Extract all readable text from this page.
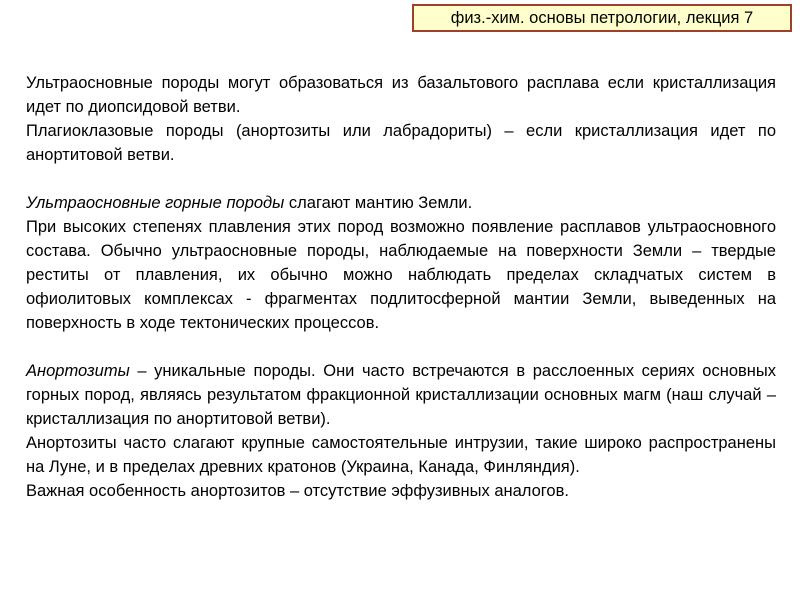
физ.-хим. основы петрологии, лекция 7

Ультраосновные породы могут образоваться из базальтового расплава если кристаллизация идет по диопсидовой ветви.

Плагиоклазовые породы (анортозиты или лабрадориты) – если кристаллизация идет по анортитовой ветви.

Ультраосновные горные породы слагают мантию Земли.

При высоких степенях плавления этих пород возможно появление расплавов ультраосновного состава. Обычно ультраосновные породы, наблюдаемые на поверхности Земли – твердые реститы от плавления, их обычно можно наблюдать пределах складчатых систем в офиолитовых комплексах - фрагментах подлитосферной мантии Земли, выведенных на поверхность в ходе тектонических процессов.

Анортозиты – уникальные породы. Они часто встречаются в расслоенных сериях основных горных пород, являясь результатом фракционной кристаллизации основных магм (наш случай – кристаллизация по анортитовой ветви).

Анортозиты часто слагают крупные самостоятельные интрузии, такие широко распространены на Луне, и в пределах древних кратонов (Украина, Канада, Финляндия).

Важная особенность анортозитов – отсутствие эффузивных аналогов.
